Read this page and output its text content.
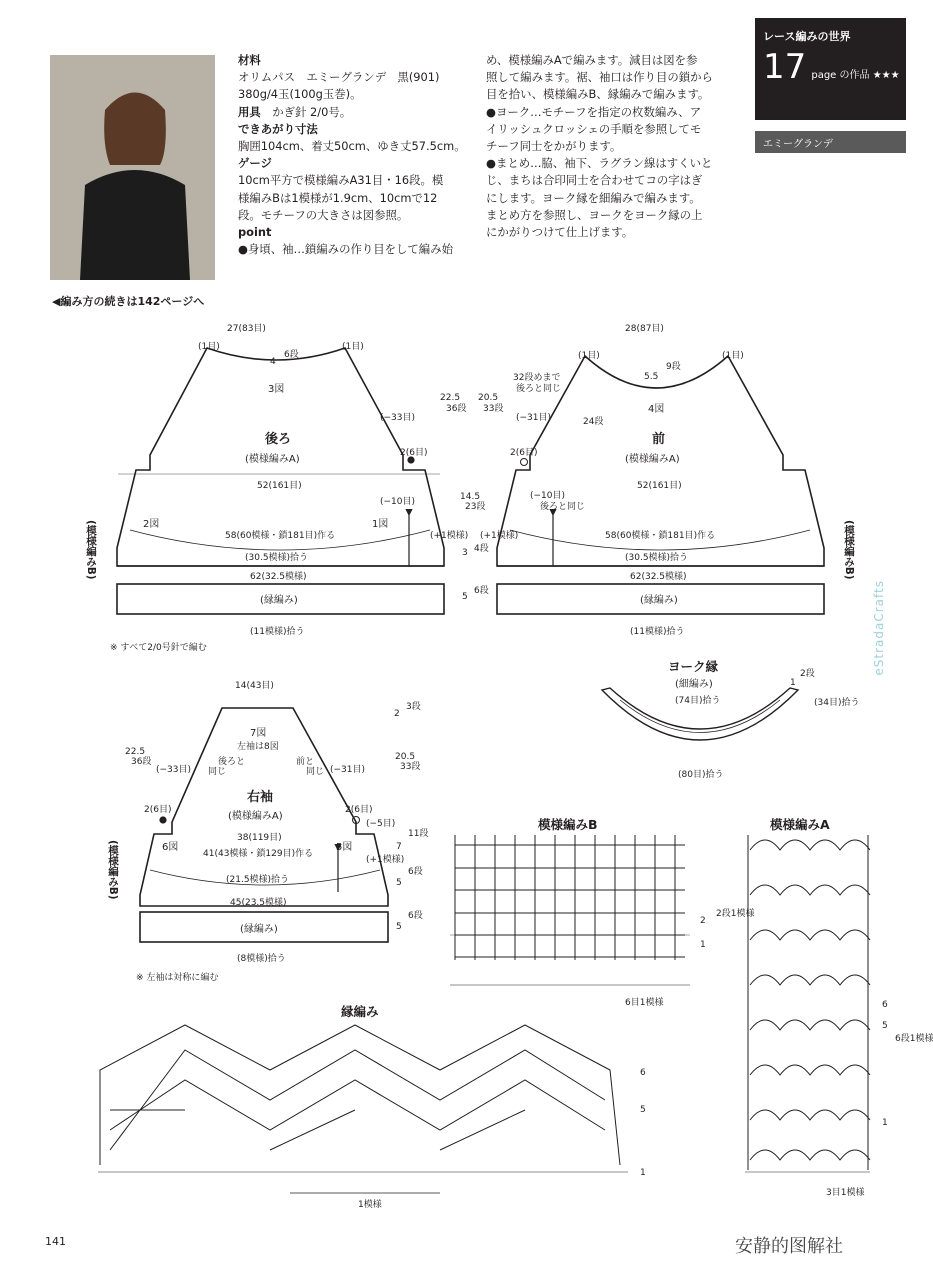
材料
オリムパス　エミーグランデ　黒(901)
380g/4玉(100g玉巻)。
用具　 かぎ針 2/0号。
できあがり寸法
胸囲104cm、着丈50cm、ゆき丈57.5cm。
ゲージ
10cm平方で模様編みA31目・16段。模
様編みBは1模様が1.9cm、10cmで12
段。モチーフの大きさは図参照。
point
●身頃、袖…鎖編みの作り目をして編み始
め、模様編みAで編みます。減目は図を参
照して編みます。裾、袖口は作り目の鎖から
目を拾い、模様編みB、縁編みで編みます。
●ヨーク…モチーフを指定の枚数編み、ア
イリッシュクロッシェの手順を参照してモ
チーフ同士をかがります。
●まとめ…脇、袖下、ラグラン線はすくいと
じ、まちは合印同士を合わせてコの字はぎ
にします。ヨーク縁を細編みで編みます。
まとめ方を参照し、ヨークをヨーク縁の上
にかがりつけて仕上げます。
レース編みの世界
17 page の作品 ★★★
エミーグランデ
◀編み方の続きは142ページへ
27(83目)
(1目)	(1目)
4
6段
3図
(−33目)
22.5
36段
後ろ
(模様編みA)
2(6目)
52(161目)
(−10目)
2図	1図
58(60模様・鎖181目)作る	(+1模様)
(30.5模様)拾う
62(32.5模様)
(縁編み)
(11模様)拾う
※ すべて2/0号針で編む
(模様編みB)
20.5
33段
14.5
23段
3 4段
5
6段
28(87目)
(1目)	(1目)
32段めまで
後ろと同じ
5.5
9段
4図
(−31目)	24段
前
(模様編みA)
2(6目)
52(161目)
(−10目)
後ろと同じ
58(60模様・鎖181目)作る
(+1模様)
(30.5模様)拾う
62(32.5模様)
(縁編み)
(11模様)拾う
(模様編みB)
ヨーク縁
(細編み)
(74目)拾う
(80目)拾う
(34目)拾う
1
2段
14(43目)
2
3段
7図
左袖は8図
22.5
36段	20.5
33段
(−33目)	(−31目)
後ろと
同じ
前と
同じ
右袖
2(6目)	2(6目)
(模様編みA)
(−5目)
38(119目)
7
11段
6図	5図
41(43模様・鎖129目)作る
(+1模様)
(21.5模様)拾う	5
6段
45(23.5模様)
5
6段
(縁編み)
(8模様)拾う
※ 左袖は対称に編む
(模様編みB)
模様編みB
6目1模様
2
1
2段1模様
模様編みA
3目1模様
6
5
1
6段1模様
縁編み
1模様
6
5
1
141	安静的图解社
eStradaCrafts
